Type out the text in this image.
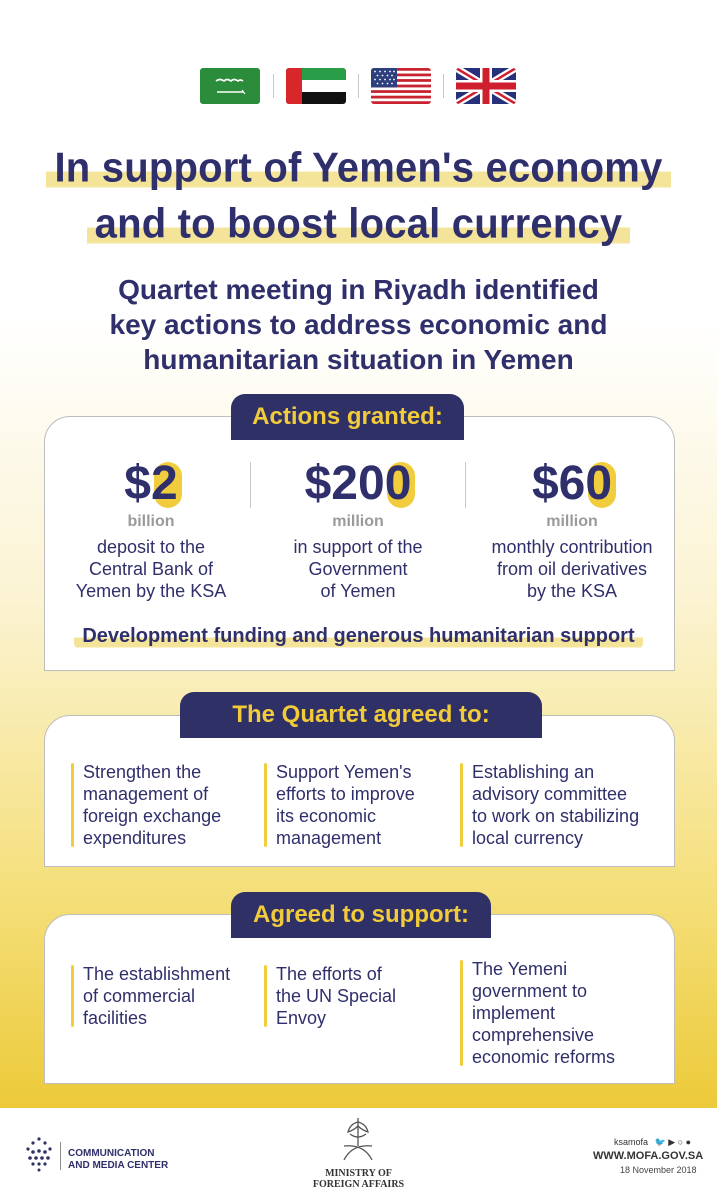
In support of Yemen's economy
and to boost local currency
Quartet meeting in Riyadh identified
key actions to address economic and
humanitarian situation in Yemen
Actions granted:
$2
billion
deposit to the
Central Bank of
Yemen by the KSA
$200
million
in support of the
Government
of Yemen
$60
million
monthly contribution
from oil derivatives
by the KSA
Development funding and generous humanitarian support
The Quartet agreed to:

Strengthen the

management of

foreign exchange

expenditures

Support Yemen's

efforts to improve

its economic

management

Establishing an

advisory committee

to work on stabilizing

local currency

Agreed to support:

The establishment

of commercial

facilities

The efforts of

the UN Special

Envoy

The Yemeni

government to

implement

comprehensive

economic reforms

COMMUNICATION
AND MEDIA CENTER
MINISTRY OF
FOREIGN AFFAIRS
ksamofa 🐦 ▶ ○ ●
WWW.MOFA.GOV.SA
18 November 2018
